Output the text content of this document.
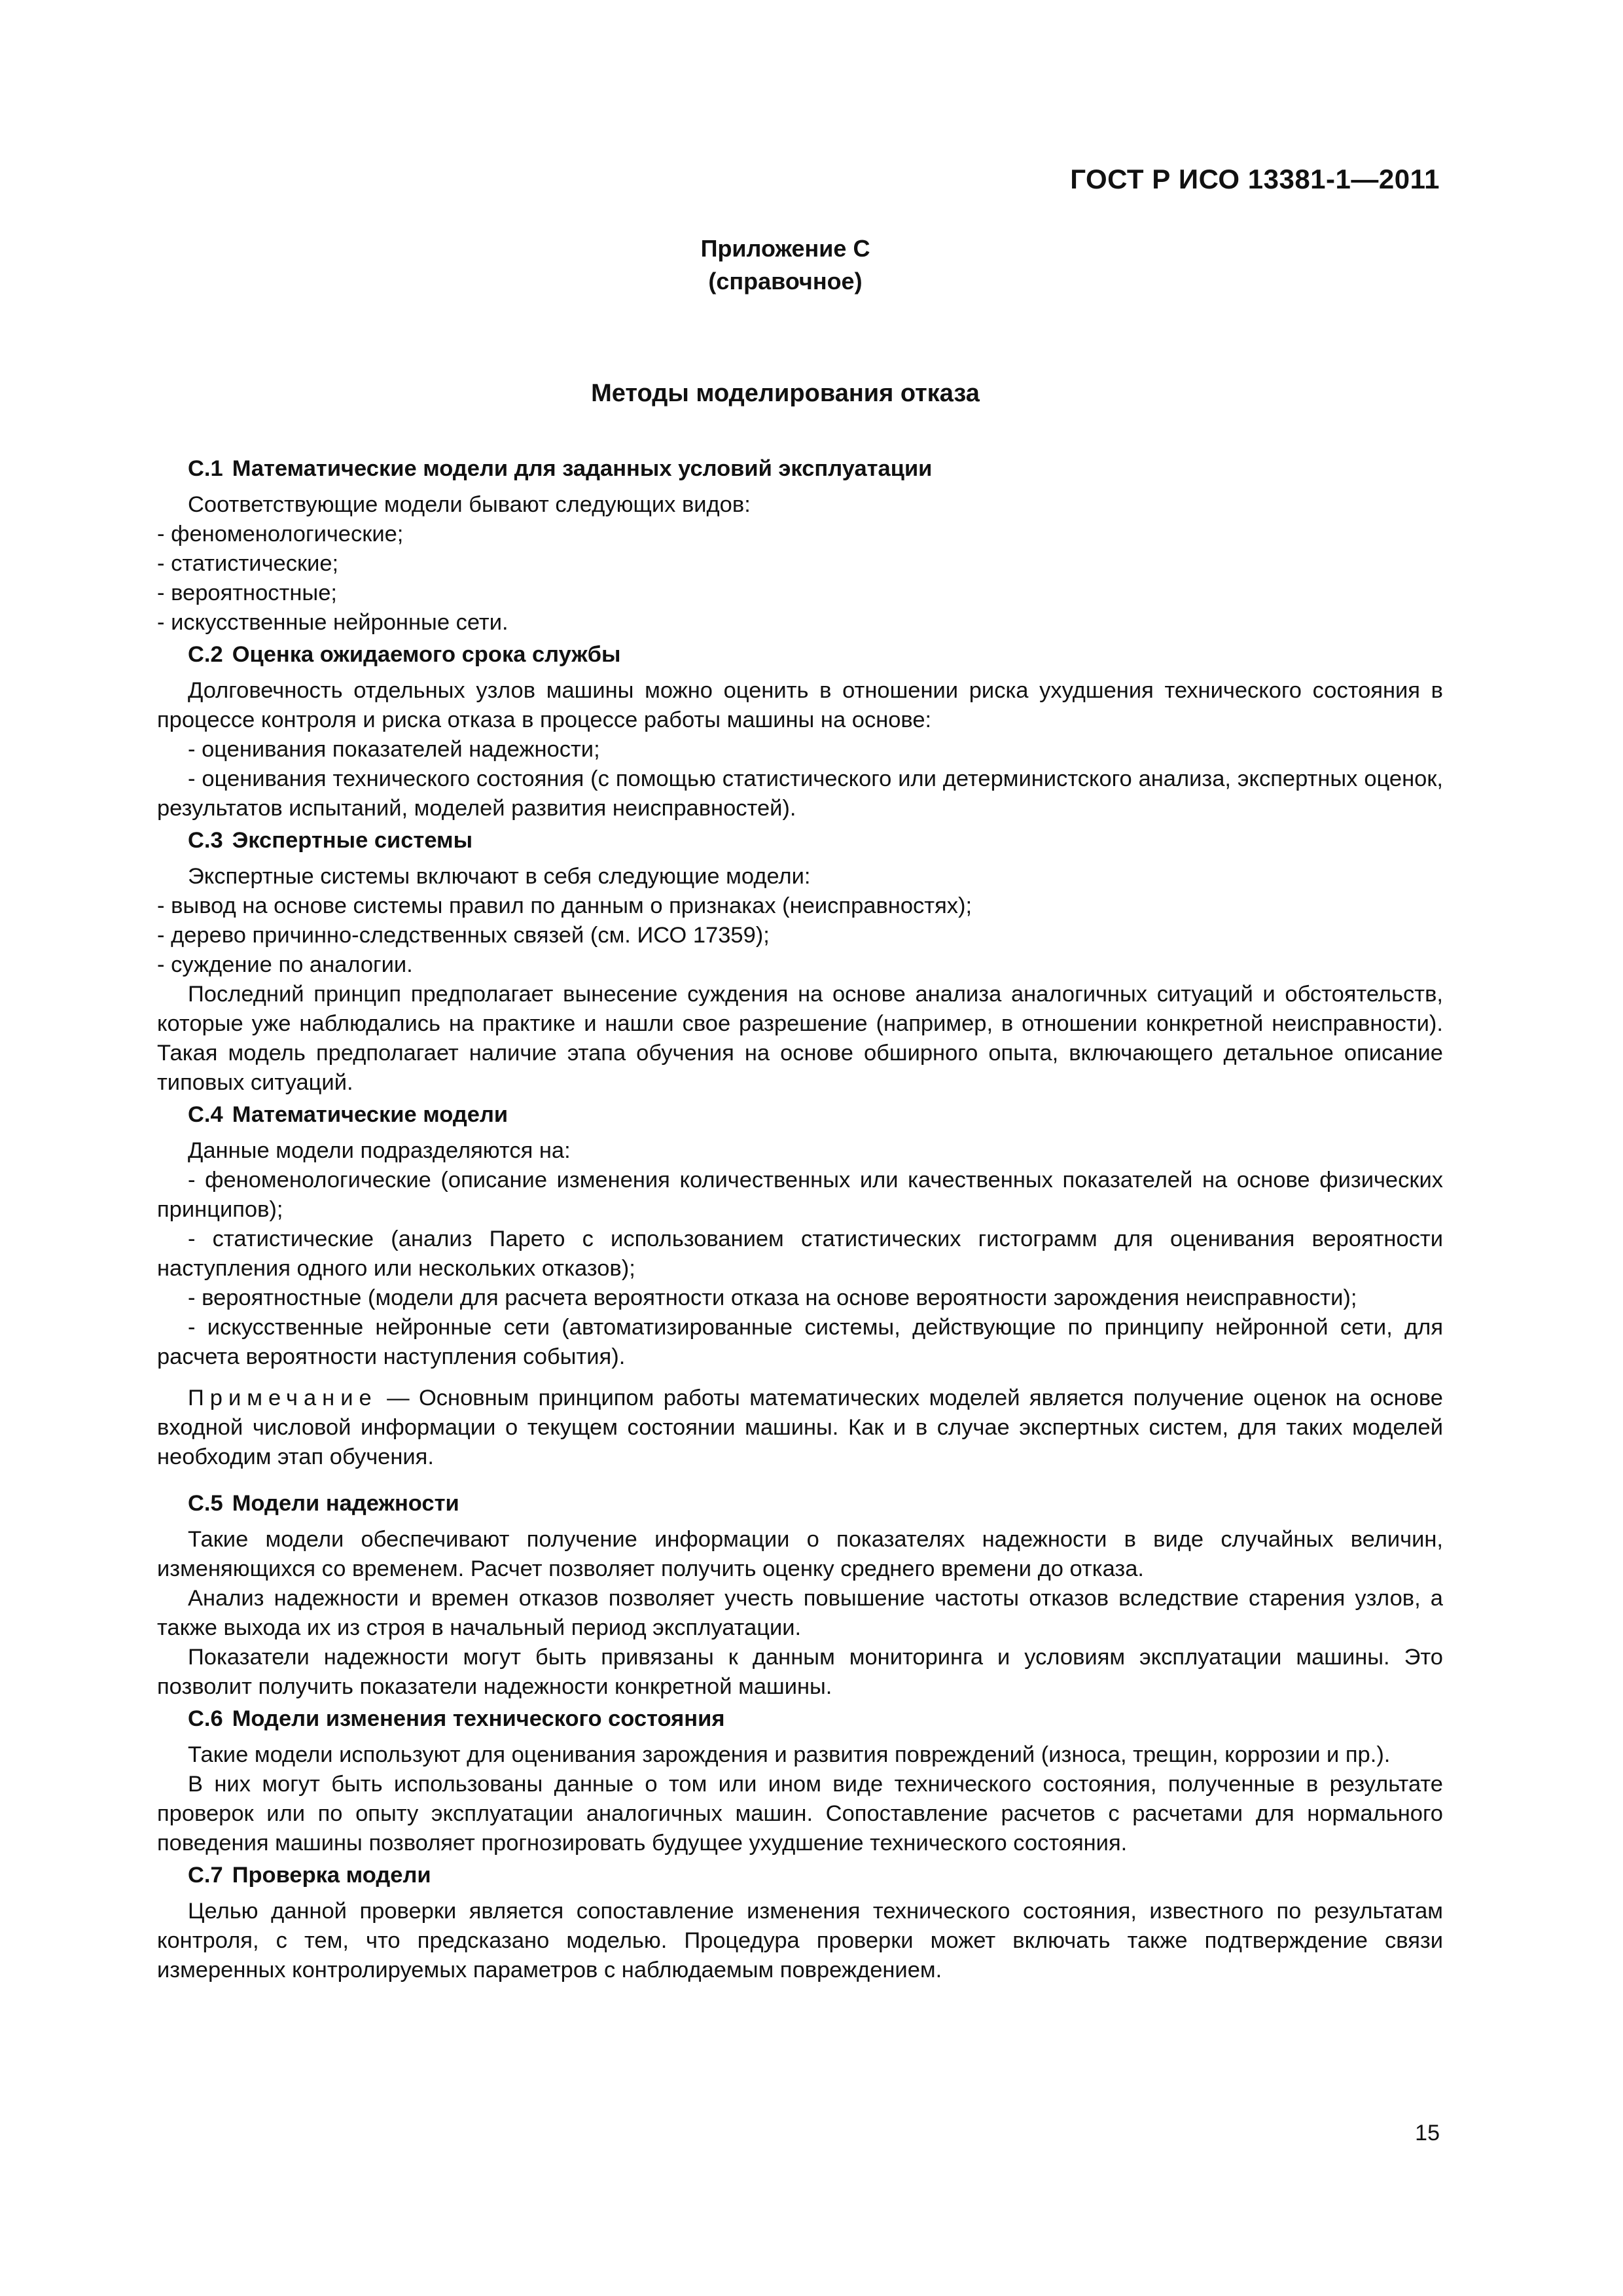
ГОСТ Р ИСО 13381-1—2011
Приложение С
(справочное)
Методы моделирования отказа

С.1 Математические модели для заданных условий эксплуатации

Соответствующие модели бывают следующих видов:

- феноменологические;

- статистические;

- вероятностные;

- искусственные нейронные сети.

С.2 Оценка ожидаемого срока службы

Долговечность отдельных узлов машины можно оценить в отношении риска ухудшения технического состояния в процессе контроля и риска отказа в процессе работы машины на основе:

- оценивания показателей надежности;

- оценивания технического состояния (с помощью статистического или детерминистского анализа, экспертных оценок, результатов испытаний, моделей развития неисправностей).

С.3 Экспертные системы

Экспертные системы включают в себя следующие модели:

- вывод на основе системы правил по данным о признаках (неисправностях);

- дерево причинно-следственных связей (см. ИСО 17359);

- суждение по аналогии.

Последний принцип предполагает вынесение суждения на основе анализа аналогичных ситуаций и обстоятельств, которые уже наблюдались на практике и нашли свое разрешение (например, в отношении конкретной неисправности). Такая модель предполагает наличие этапа обучения на основе обширного опыта, включающего детальное описание типовых ситуаций.

С.4 Математические модели

Данные модели подразделяются на:

- феноменологические (описание изменения количественных или качественных показателей на основе физических принципов);

- статистические (анализ Парето с использованием статистических гистограмм для оценивания вероятности наступления одного или нескольких отказов);

- вероятностные (модели для расчета вероятности отказа на основе вероятности зарождения неисправности);

- искусственные нейронные сети (автоматизированные системы, действующие по принципу нейронной сети, для расчета вероятности наступления события).

Примечание — Основным принципом работы математических моделей является получение оценок на основе входной числовой информации о текущем состоянии машины. Как и в случае экспертных систем, для таких моделей необходим этап обучения.

С.5 Модели надежности

Такие модели обеспечивают получение информации о показателях надежности в виде случайных величин, изменяющихся со временем. Расчет позволяет получить оценку среднего времени до отказа.

Анализ надежности и времен отказов позволяет учесть повышение частоты отказов вследствие старения узлов, а также выхода их из строя в начальный период эксплуатации.

Показатели надежности могут быть привязаны к данным мониторинга и условиям эксплуатации машины. Это позволит получить показатели надежности конкретной машины.

С.6 Модели изменения технического состояния

Такие модели используют для оценивания зарождения и развития повреждений (износа, трещин, коррозии и пр.).

В них могут быть использованы данные о том или ином виде технического состояния, полученные в результате проверок или по опыту эксплуатации аналогичных машин. Сопоставление расчетов с расчетами для нормального поведения машины позволяет прогнозировать будущее ухудшение технического состояния.

С.7 Проверка модели

Целью данной проверки является сопоставление изменения технического состояния, известного по результатам контроля, с тем, что предсказано моделью. Процедура проверки может включать также подтверждение связи измеренных контролируемых параметров с наблюдаемым повреждением.

15
